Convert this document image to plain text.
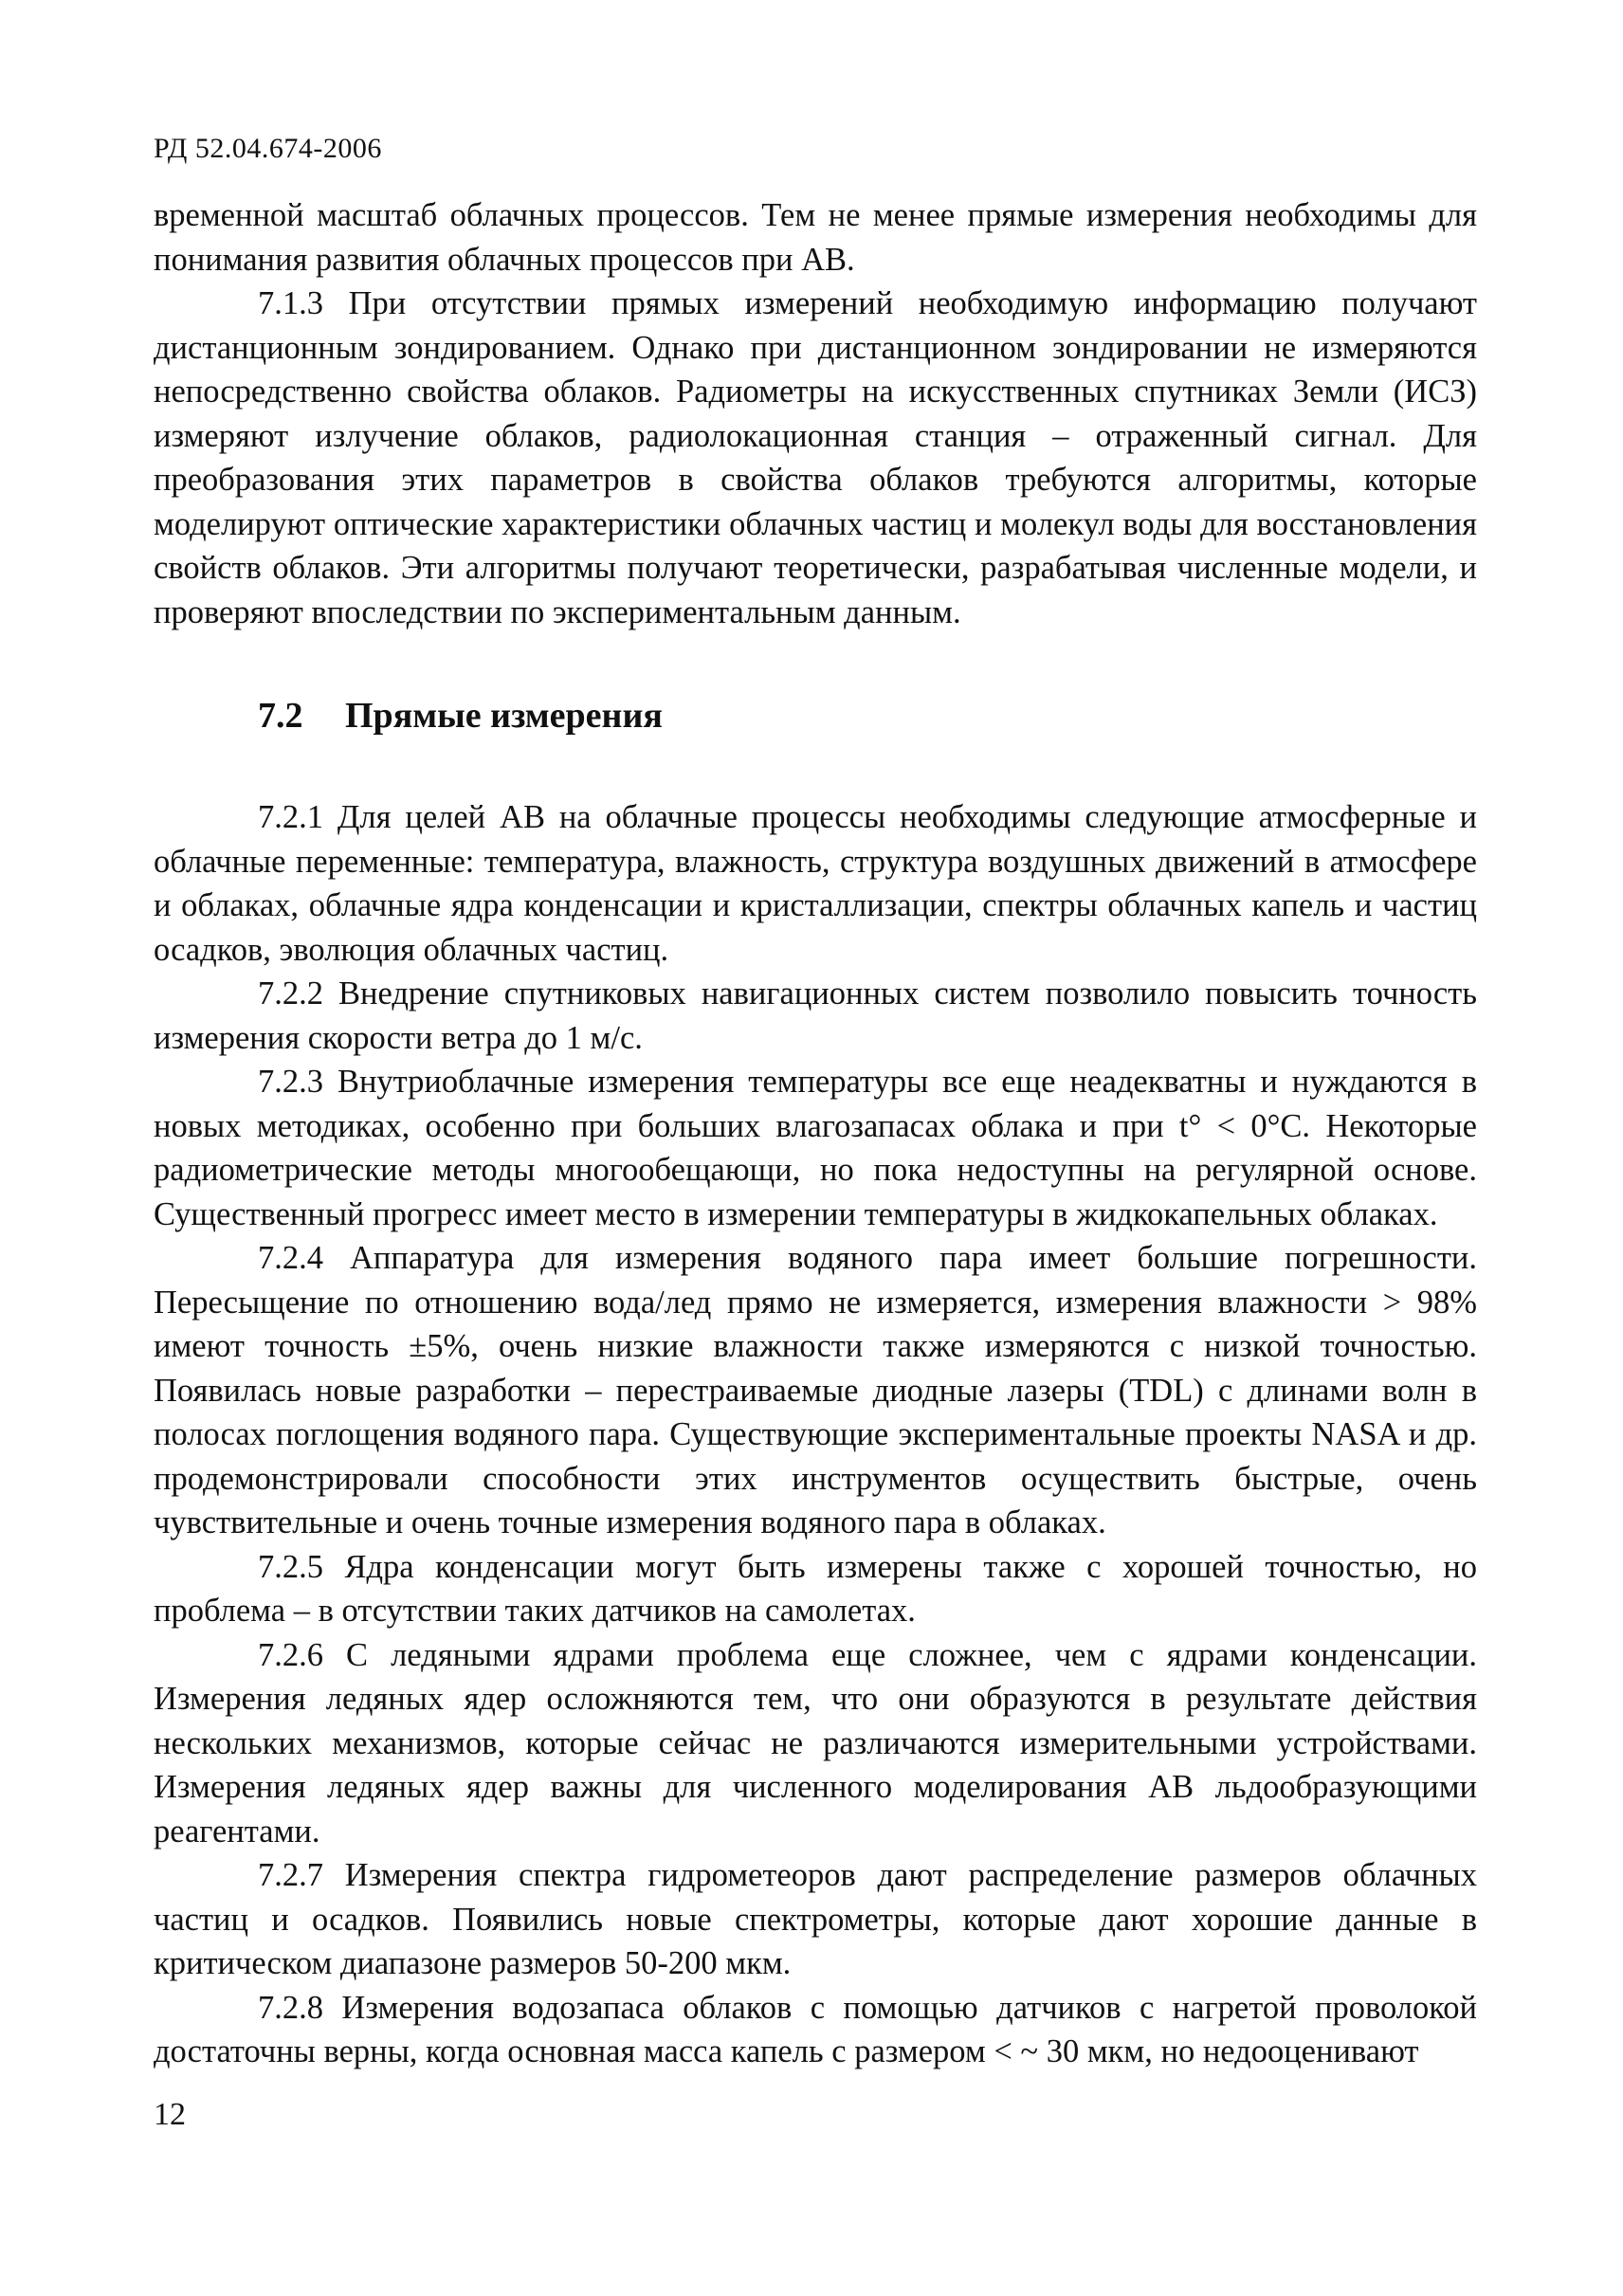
РД 52.04.674-2006

временной масштаб облачных процессов. Тем не менее прямые измерения необходимы для понимания развития облачных процессов при АВ.

7.1.3 При отсутствии прямых измерений необходимую информацию получают дистанционным зондированием. Однако при дистанционном зондировании не измеряются непосредственно свойства облаков. Радиометры на искусственных спутниках Земли (ИСЗ) измеряют излучение облаков, радиолокационная станция – отраженный сигнал. Для преобразования этих параметров в свойства облаков требуются алгоритмы, которые моделируют оптические характеристики облачных частиц и молекул воды для восстановления свойств облаков. Эти алгоритмы получают теоретически, разрабатывая численные модели, и проверяют впоследствии по экспериментальным данным.

7.2 Прямые измерения

7.2.1 Для целей АВ на облачные процессы необходимы следующие атмосферные и облачные переменные: температура, влажность, структура воздушных движений в атмосфере и облаках, облачные ядра конденсации и кристаллизации, спектры облачных капель и частиц осадков, эволюция облачных частиц.

7.2.2 Внедрение спутниковых навигационных систем позволило повысить точность измерения скорости ветра до 1 м/с.

7.2.3 Внутриоблачные измерения температуры все еще неадекватны и нуждаются в новых методиках, особенно при больших влагозапасах облака и при t° < 0°С. Некоторые радиометрические методы многообещающи, но пока недоступны на регулярной основе. Существенный прогресс имеет место в измерении температуры в жидкокапельных облаках.

7.2.4 Аппаратура для измерения водяного пара имеет большие погрешности. Пересыщение по отношению вода/лед прямо не измеряется, измерения влажности > 98% имеют точность ±5%, очень низкие влажности также измеряются с низкой точностью. Появилась новые разработки – перестраиваемые диодные лазеры (TDL) с длинами волн в полосах поглощения водяного пара. Существующие экспериментальные проекты NASA и др. продемонстрировали способности этих инструментов осуществить быстрые, очень чувствительные и очень точные измерения водяного пара в облаках.

7.2.5 Ядра конденсации могут быть измерены также с хорошей точностью, но проблема – в отсутствии таких датчиков на самолетах.

7.2.6 С ледяными ядрами проблема еще сложнее, чем с ядрами конденсации. Измерения ледяных ядер осложняются тем, что они образуются в результате действия нескольких механизмов, которые сейчас не различаются измерительными устройствами. Измерения ледяных ядер важны для численного моделирования АВ льдообразующими реагентами.

7.2.7 Измерения спектра гидрометеоров дают распределение размеров облачных частиц и осадков. Появились новые спектрометры, которые дают хорошие данные в критическом диапазоне размеров 50-200 мкм.

7.2.8 Измерения водозапаса облаков с помощью датчиков с нагретой проволокой достаточны верны, когда основная масса капель с размером < ~ 30 мкм, но недооценивают

12
